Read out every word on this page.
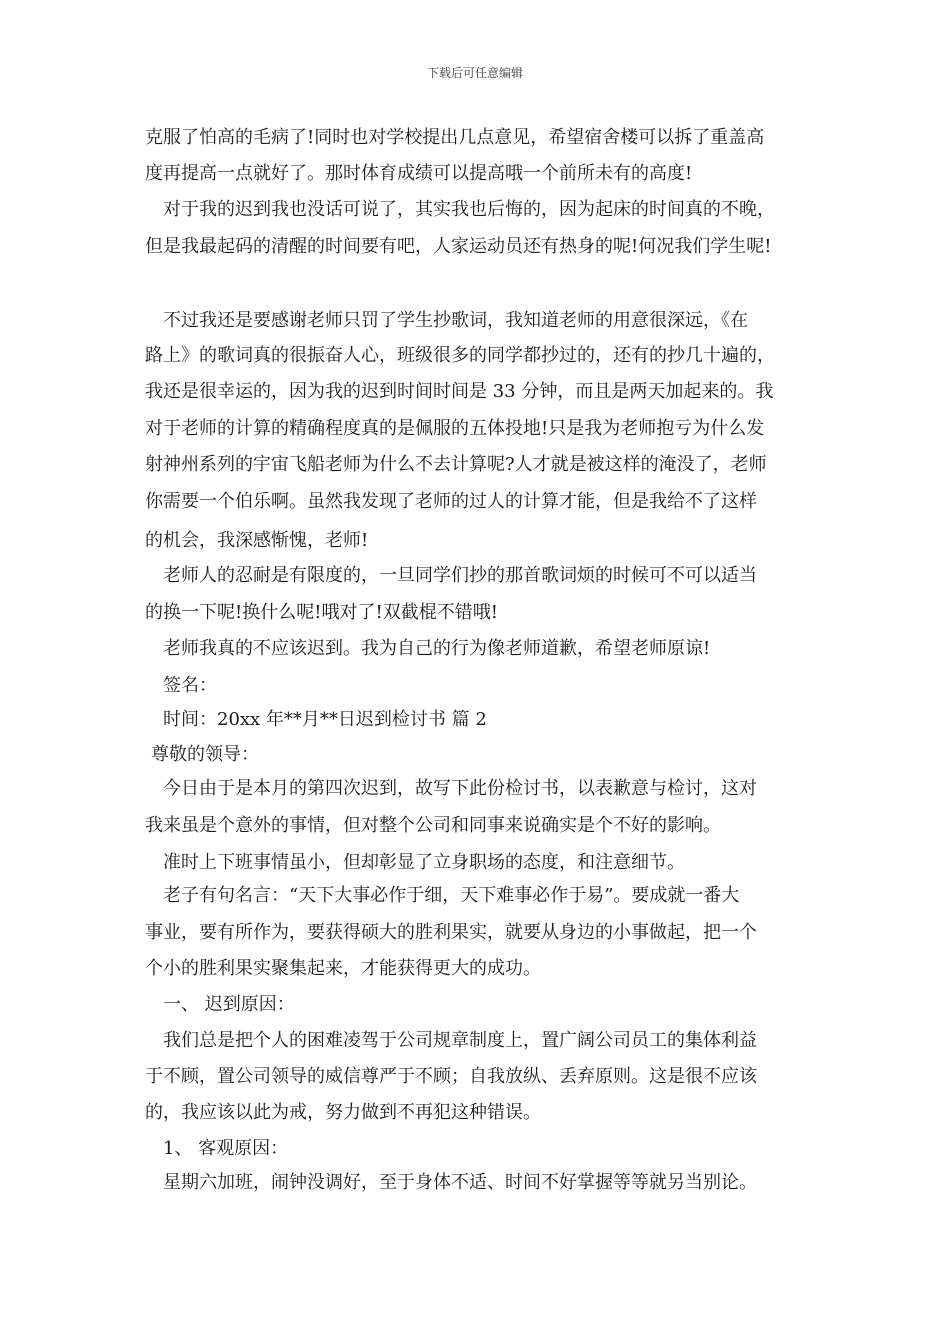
下载后可任意编辑
克服了怕高的毛病了!同时也对学校提出几点意见，希望宿舍楼可以拆了重盖高
度再提高一点就好了。那时体育成绩可以提高哦一个前所未有的高度!
对于我的迟到我也没话可说了，其实我也后悔的，因为起床的时间真的不晚，
但是我最起码的清醒的时间要有吧，人家运动员还有热身的呢!何况我们学生呢!
不过我还是要感谢老师只罚了学生抄歌词，我知道老师的用意很深远，《在
路上》的歌词真的很振奋人心，班级很多的同学都抄过的，还有的抄几十遍的，
我还是很幸运的，因为我的迟到时间时间是 33 分钟，而且是两天加起来的。我
对于老师的计算的精确程度真的是佩服的五体投地!只是我为老师抱亏为什么发
射神州系列的宇宙飞船老师为什么不去计算呢?人才就是被这样的淹没了，老师
你需要一个伯乐啊。虽然我发现了老师的过人的计算才能，但是我给不了这样
的机会，我深感惭愧，老师!
老师人的忍耐是有限度的，一旦同学们抄的那首歌词烦的时候可不可以适当
的换一下呢!换什么呢!哦对了!双截棍不错哦!
老师我真的不应该迟到。我为自己的行为像老师道歉，希望老师原谅!
签名：
时间：20xx 年**月**日迟到检讨书 篇 2
尊敬的领导：
今日由于是本月的第四次迟到，故写下此份检讨书，以表歉意与检讨，这对
我来虽是个意外的事情，但对整个公司和同事来说确实是个不好的影响。
准时上下班事情虽小，但却彰显了立身职场的态度，和注意细节。
老子有句名言：“天下大事必作于细，天下难事必作于易”。要成就一番大
事业，要有所作为，要获得硕大的胜利果实，就要从身边的小事做起，把一个
个小的胜利果实聚集起来，才能获得更大的成功。
一、 迟到原因：
我们总是把个人的困难凌驾于公司规章制度上，置广阔公司员工的集体利益
于不顾，置公司领导的威信尊严于不顾；自我放纵、丢弃原则。这是很不应该
的，我应该以此为戒，努力做到不再犯这种错误。
1、 客观原因：
星期六加班，闹钟没调好，至于身体不适、时间不好掌握等等就另当别论。
